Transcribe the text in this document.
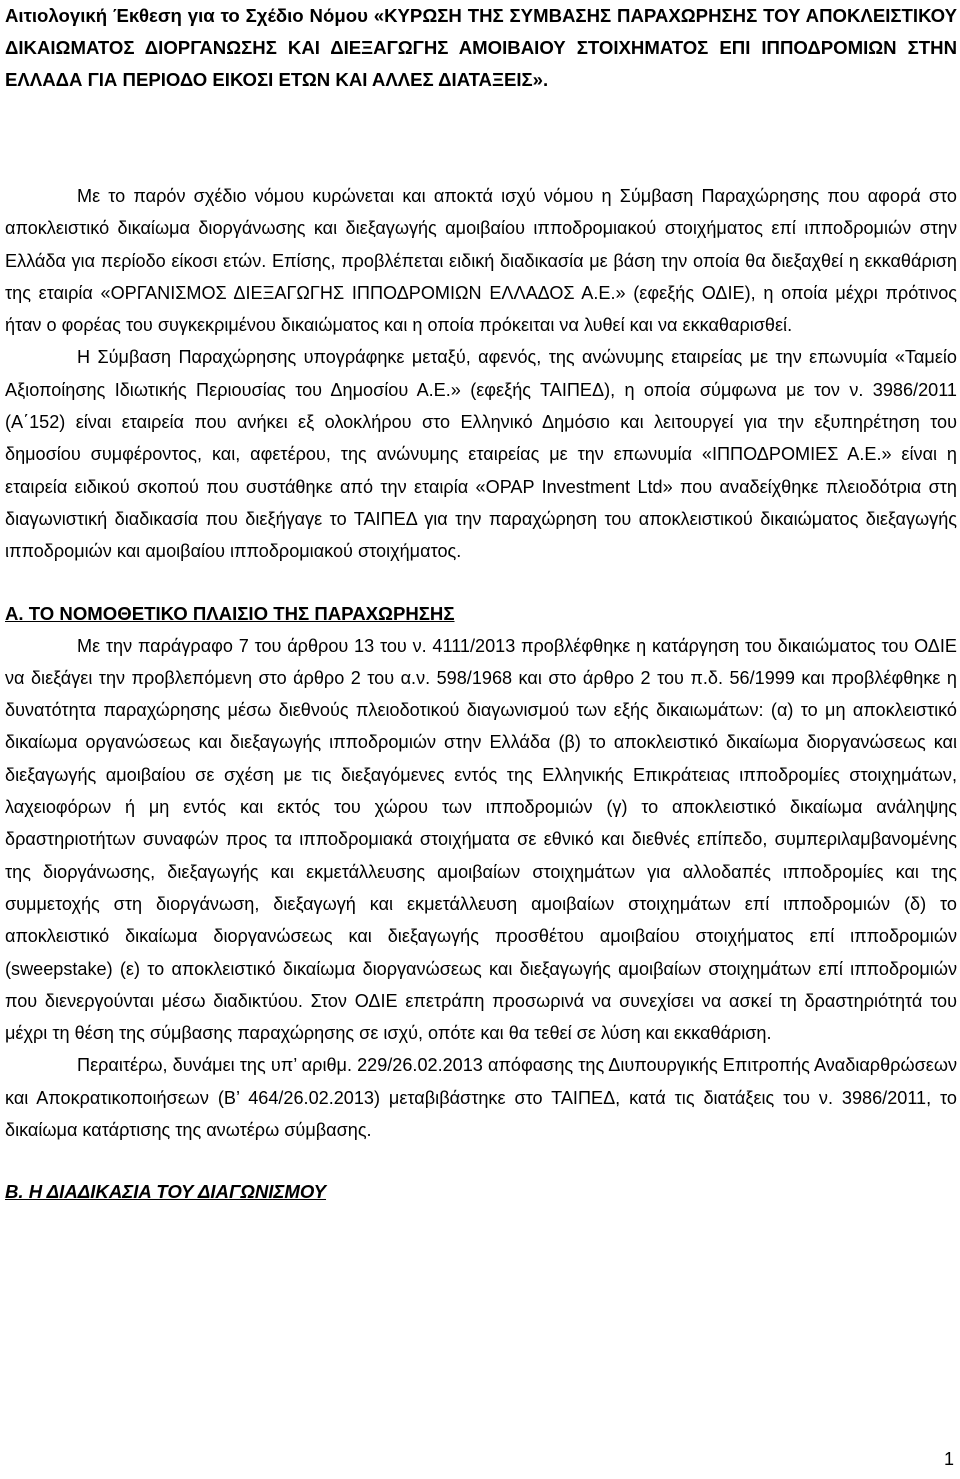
Αιτιολογική Έκθεση για το Σχέδιο Νόμου «ΚΥΡΩΣΗ ΤΗΣ ΣΥΜΒΑΣΗΣ ΠΑΡΑΧΩΡΗΣΗΣ ΤΟΥ ΑΠΟΚΛΕΙΣΤΙΚΟΥ ΔΙΚΑΙΩΜΑΤΟΣ ΔΙΟΡΓΑΝΩΣΗΣ ΚΑΙ ΔΙΕΞΑΓΩΓΗΣ ΑΜΟΙΒΑΙΟΥ ΣΤΟΙΧΗΜΑΤΟΣ ΕΠΙ ΙΠΠΟΔΡΟΜΙΩΝ ΣΤΗΝ ΕΛΛΑΔΑ ΓΙΑ ΠΕΡΙΟΔΟ ΕΙΚΟΣΙ ΕΤΩΝ ΚΑΙ ΑΛΛΕΣ ΔΙΑΤΑΞΕΙΣ».

Με το παρόν σχέδιο νόμου κυρώνεται και αποκτά ισχύ νόμου η Σύμβαση Παραχώρησης που αφορά στο αποκλειστικό δικαίωμα διοργάνωσης και διεξαγωγής αμοιβαίου ιπποδρομιακού στοιχήματος επί ιπποδρομιών στην Ελλάδα για περίοδο είκοσι ετών. Επίσης, προβλέπεται ειδική διαδικασία με βάση την οποία θα διεξαχθεί η εκκαθάριση της εταιρία «ΟΡΓΑΝΙΣΜΟΣ ΔΙΕΞΑΓΩΓΗΣ ΙΠΠΟΔΡΟΜΙΩΝ ΕΛΛΑΔΟΣ Α.Ε.» (εφεξής ΟΔΙΕ), η οποία μέχρι πρότινος ήταν ο φορέας του συγκεκριμένου δικαιώματος και η οποία πρόκειται να λυθεί και να εκκαθαρισθεί.

Η Σύμβαση Παραχώρησης υπογράφηκε μεταξύ, αφενός, της ανώνυμης εταιρείας με την επωνυμία «Ταμείο Αξιοποίησης Ιδιωτικής Περιουσίας του Δημοσίου Α.Ε.» (εφεξής ΤΑΙΠΕΔ), η οποία σύμφωνα με τον ν. 3986/2011 (Α΄152) είναι εταιρεία που ανήκει εξ ολοκλήρου στο Ελληνικό Δημόσιο και λειτουργεί για την εξυπηρέτηση του δημοσίου συμφέροντος, και, αφετέρου, της ανώνυμης εταιρείας με την επωνυμία «ΙΠΠΟΔΡΟΜΙΕΣ Α.Ε.» είναι η εταιρεία ειδικού σκοπού που συστάθηκε από την εταιρία «OPAP Investment Ltd» που αναδείχθηκε πλειοδότρια στη διαγωνιστική διαδικασία που διεξήγαγε το ΤΑΙΠΕΔ για την παραχώρηση του αποκλειστικού δικαιώματος διεξαγωγής ιπποδρομιών και αμοιβαίου ιπποδρομιακού στοιχήματος.

Α. ΤΟ ΝΟΜΟΘΕΤΙΚΟ ΠΛΑΙΣΙΟ ΤΗΣ ΠΑΡΑΧΩΡΗΣΗΣ

Με την παράγραφο 7 του άρθρου 13 του ν. 4111/2013 προβλέφθηκε η κατάργηση του δικαιώματος του ΟΔΙΕ να διεξάγει την προβλεπόμενη στο άρθρο 2 του α.ν. 598/1968 και στο άρθρο 2 του π.δ. 56/1999 και προβλέφθηκε η δυνατότητα παραχώρησης μέσω διεθνούς πλειοδοτικού διαγωνισμού των εξής δικαιωμάτων: (α) το μη αποκλειστικό δικαίωμα οργανώσεως και διεξαγωγής ιπποδρομιών στην Ελλάδα (β) το αποκλειστικό δικαίωμα διοργανώσεως και διεξαγωγής αμοιβαίου σε σχέση με τις διεξαγόμενες εντός της Ελληνικής Επικράτειας ιπποδρομίες στοιχημάτων, λαχειοφόρων ή μη εντός και εκτός του χώρου των ιπποδρομιών (γ) το αποκλειστικό δικαίωμα ανάληψης δραστηριοτήτων συναφών προς τα ιπποδρομιακά στοιχήματα σε εθνικό και διεθνές επίπεδο, συμπεριλαμβανομένης της διοργάνωσης, διεξαγωγής και εκμετάλλευσης αμοιβαίων στοιχημάτων για αλλοδαπές ιπποδρομίες και της συμμετοχής στη διοργάνωση, διεξαγωγή και εκμετάλλευση αμοιβαίων στοιχημάτων επί ιπποδρομιών (δ) το αποκλειστικό δικαίωμα διοργανώσεως και διεξαγωγής προσθέτου αμοιβαίου στοιχήματος επί ιπποδρομιών (sweepstake) (ε) το αποκλειστικό δικαίωμα διοργανώσεως και διεξαγωγής αμοιβαίων στοιχημάτων επί ιπποδρομιών που διενεργούνται μέσω διαδικτύου. Στον ΟΔΙΕ επετράπη προσωρινά να συνεχίσει να ασκεί τη δραστηριότητά του μέχρι τη θέση της σύμβασης παραχώρησης σε ισχύ, οπότε και θα τεθεί σε λύση και εκκαθάριση.

Περαιτέρω, δυνάμει της υπ’ αριθμ. 229/26.02.2013 απόφασης της Διυπουργικής Επιτροπής Αναδιαρθρώσεων και Αποκρατικοποιήσεων (Β’ 464/26.02.2013) μεταβιβάστηκε στο ΤΑΙΠΕΔ, κατά τις διατάξεις του ν. 3986/2011, το δικαίωμα κατάρτισης της ανωτέρω σύμβασης.

Β. Η ΔΙΑΔΙΚΑΣΙΑ ΤΟΥ ΔΙΑΓΩΝΙΣΜΟΥ

1
